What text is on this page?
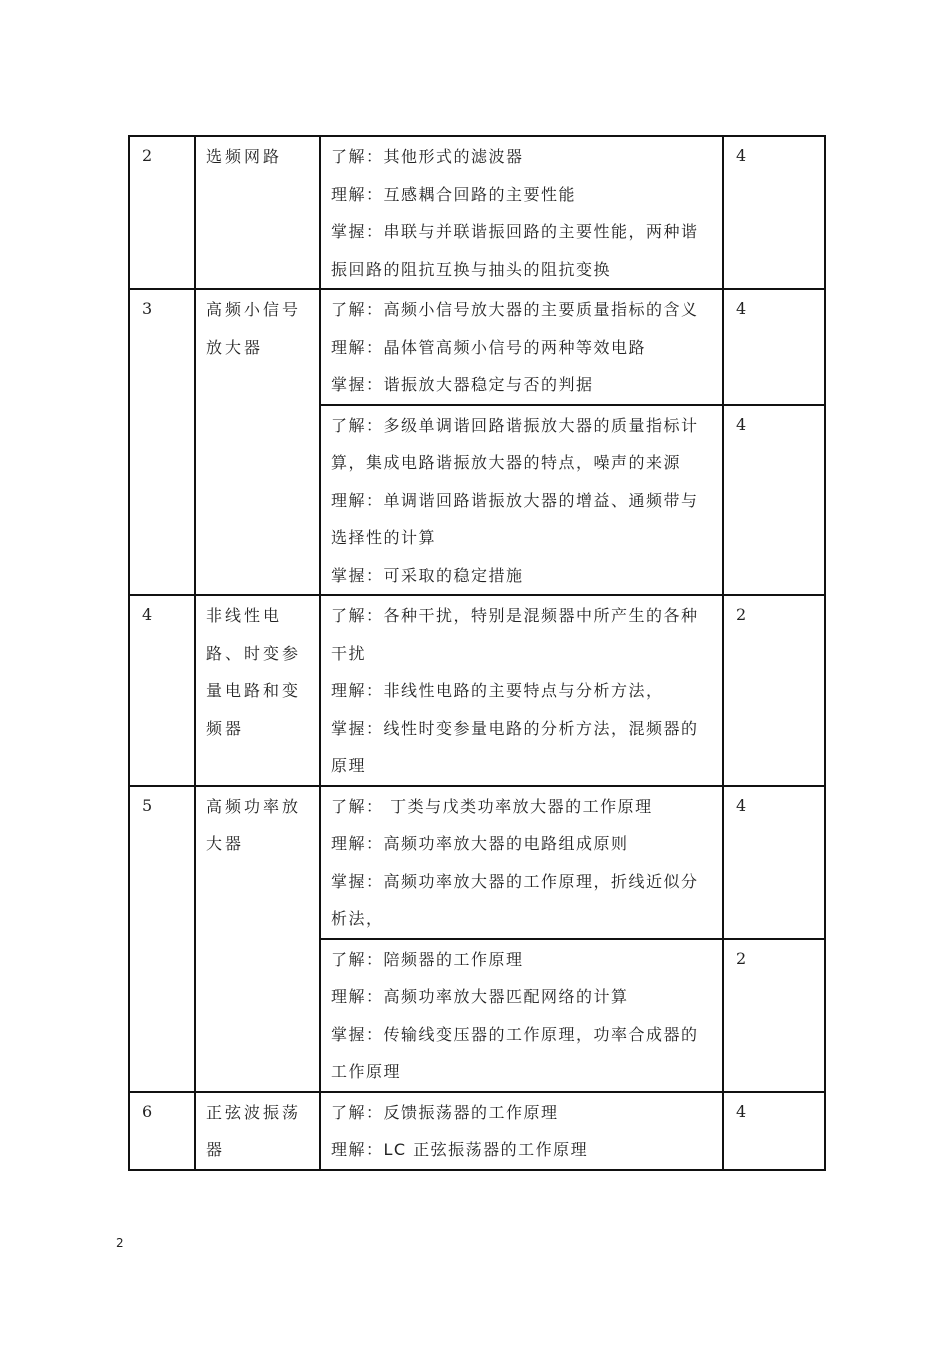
2	选频网路	了解：其他形式的滤波器
理解：互感耦合回路的主要性能
掌握：串联与并联谐振回路的主要性能，两种谐振回路的阻抗互换与抽头的阻抗变换	4
3	高频小信号放大器	了解：高频小信号放大器的主要质量指标的含义
理解：晶体管高频小信号的两种等效电路
掌握：谐振放大器稳定与否的判据	4

		了解：多级单调谐回路谐振放大器的质量指标计算，集成电路谐振放大器的特点，噪声的来源
理解：单调谐回路谐振放大器的增益、通频带与选择性的计算
掌握：可采取的稳定措施	4
4	非线性电路、时变参量电路和变频器	了解：各种干扰，特别是混频器中所产生的各种干扰
理解：非线性电路的主要特点与分析方法，
掌握：线性时变参量电路的分析方法，混频器的原理	2
5	高频功率放大器	了解： 丁类与戊类功率放大器的工作原理
理解：高频功率放大器的电路组成原则
掌握：高频功率放大器的工作原理，折线近似分析法，	4

		了解：陪频器的工作原理
理解：高频功率放大器匹配网络的计算
掌握：传输线变压器的工作原理，功率合成器的工作原理	2
6	正弦波振荡器	了解：反馈振荡器的工作原理
理解：LC 正弦振荡器的工作原理	4
2
